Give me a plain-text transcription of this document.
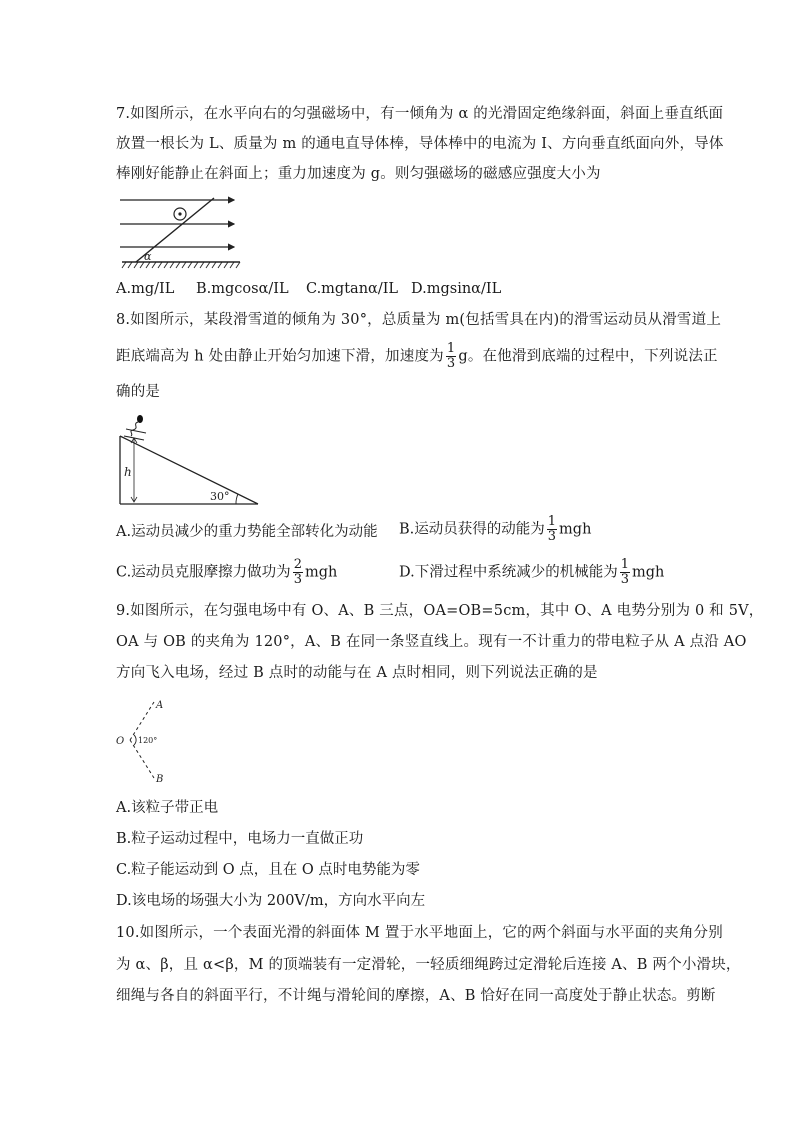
7.如图所示，在水平向右的匀强磁场中，有一倾角为 α 的光滑固定绝缘斜面，斜面上垂直纸面
放置一根长为 L、质量为 m 的通电直导体棒，导体棒中的电流为 I、方向垂直纸面向外，导体
棒刚好能静止在斜面上；重力加速度为 g。则匀强磁场的磁感应强度大小为
α
A.mg/IL B.mgcosα/IL C.mgtanα/IL D.mgsinα/IL
8.如图所示，某段滑雪道的倾角为 30°，总质量为 m(包括雪具在内)的滑雪运动员从滑雪道上
距底端高为 h 处由静止开始匀加速下滑，加速度为 $\frac{1}{3}$ g。在他滑到底端的过程中，下列说法正
确的是
h
30°
A.运动员减少的重力势能全部转化为动能 B.运动员获得的动能为 $\frac{1}{3}$ mgh
C.运动员克服摩擦力做功为 $\frac{2}{3}$ mgh	D.下滑过程中系统减少的机械能为 $\frac{1}{3}$ mgh
9.如图所示，在匀强电场中有 O、A、B 三点，OA=OB=5cm，其中 O、A 电势分别为 0 和 5V，
OA 与 OB 的夹角为 120°，A、B 在同一条竖直线上。现有一不计重力的带电粒子从 A 点沿 AO
方向飞入电场，经过 B 点时的动能与在 A 点时相同，则下列说法正确的是
A
O
B
120°
A.该粒子带正电
B.粒子运动过程中，电场力一直做正功
C.粒子能运动到 O 点，且在 O 点时电势能为零
D.该电场的场强大小为 200V/m，方向水平向左
10.如图所示，一个表面光滑的斜面体 M 置于水平地面上，它的两个斜面与水平面的夹角分别
为 α、β，且 α<β，M 的顶端装有一定滑轮，一轻质细绳跨过定滑轮后连接 A、B 两个小滑块，
细绳与各自的斜面平行，不计绳与滑轮间的摩擦，A、B 恰好在同一高度处于静止状态。剪断
